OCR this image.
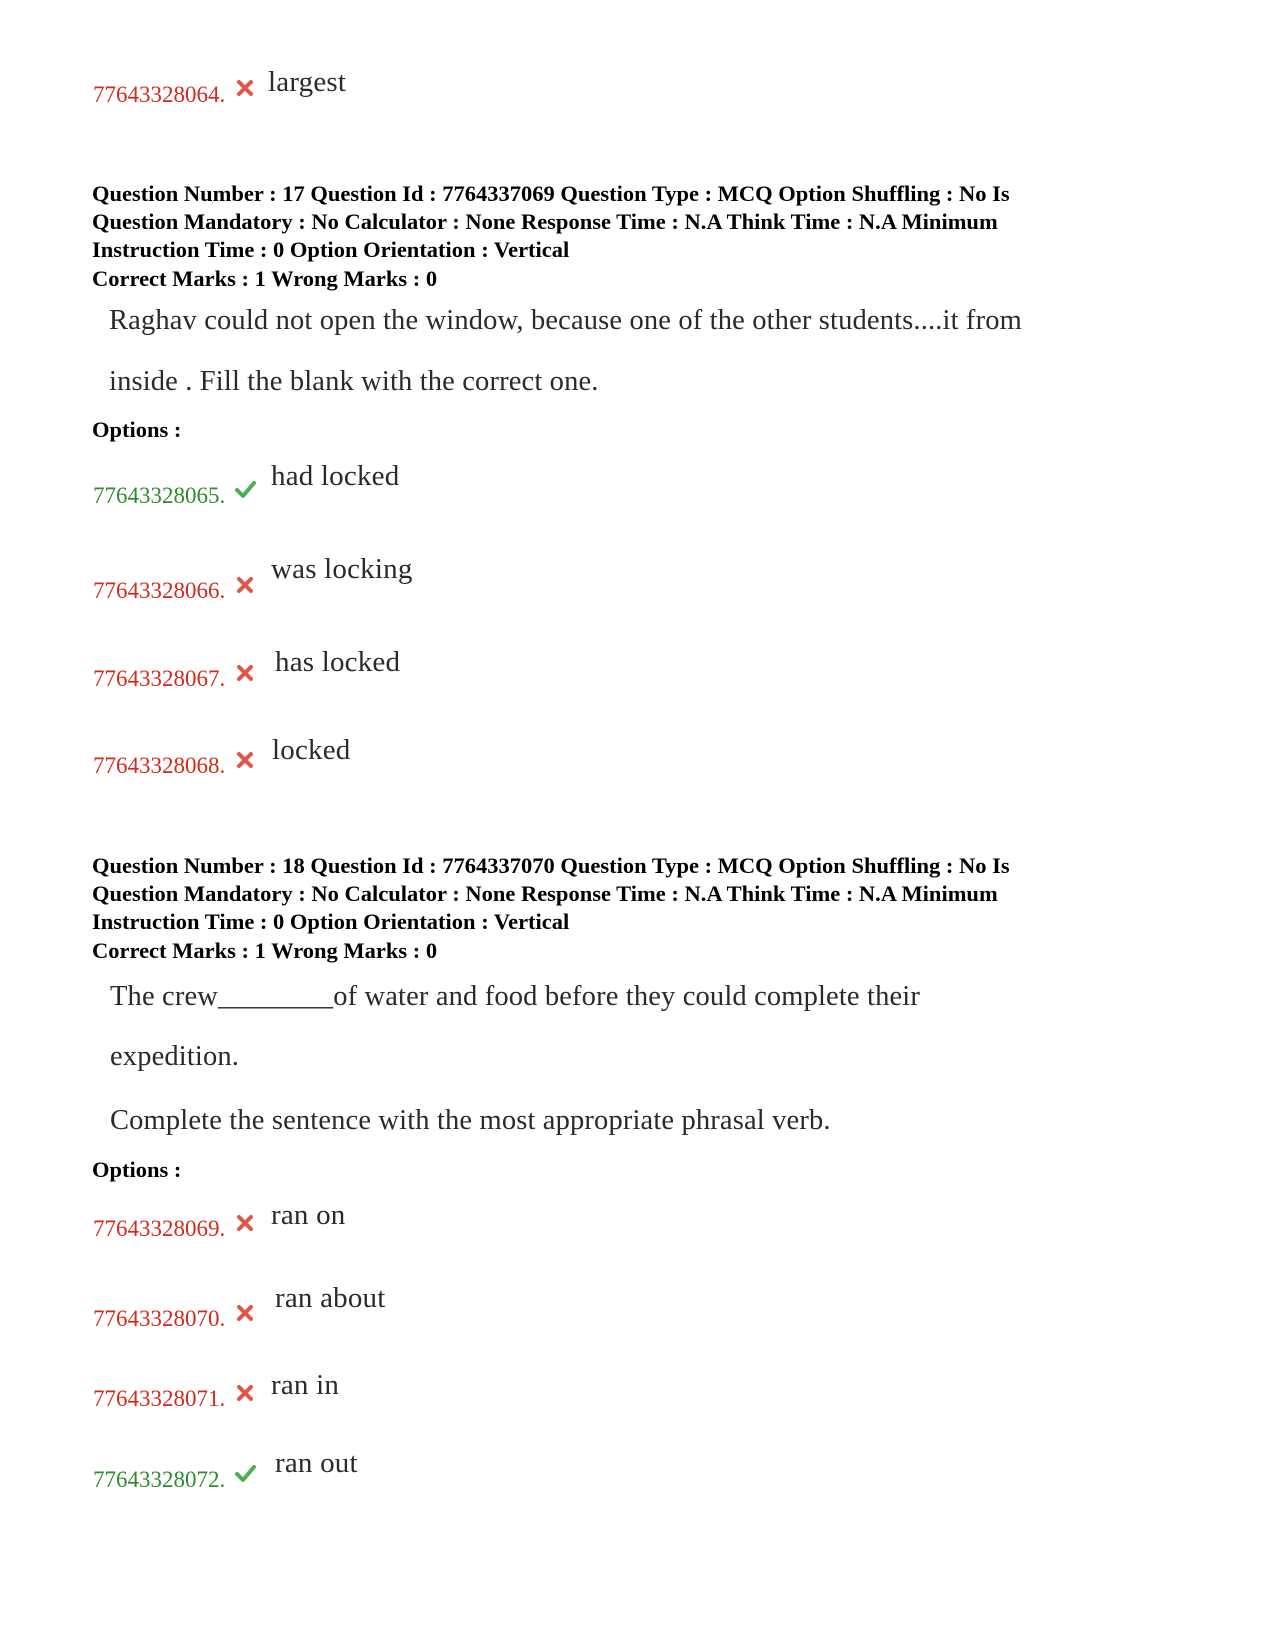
77643328064. largest

Question Number : 17 Question Id : 7764337069 Question Type : MCQ Option Shuffling : No Is

Question Mandatory : No Calculator : None Response Time : N.A Think Time : N.A Minimum

Instruction Time : 0 Option Orientation : Vertical

Correct Marks : 1 Wrong Marks : 0
Raghav could not open the window, because one of the other students....it from
inside . Fill the blank with the correct one.
Options :
77643328065.
had locked
77643328066.
was locking
77643328067.
has locked
77643328068. locked

Question Number : 18 Question Id : 7764337070 Question Type : MCQ Option Shuffling : No Is

Question Mandatory : No Calculator : None Response Time : N.A Think Time : N.A Minimum

Instruction Time : 0 Option Orientation : Vertical

Correct Marks : 1 Wrong Marks : 0
The crew________of water and food before they could complete their
expedition.
Complete the sentence with the most appropriate phrasal verb.
Options :
77643328069. ran on
77643328070.
ran about
77643328071. ran in
77643328072.
ran out
